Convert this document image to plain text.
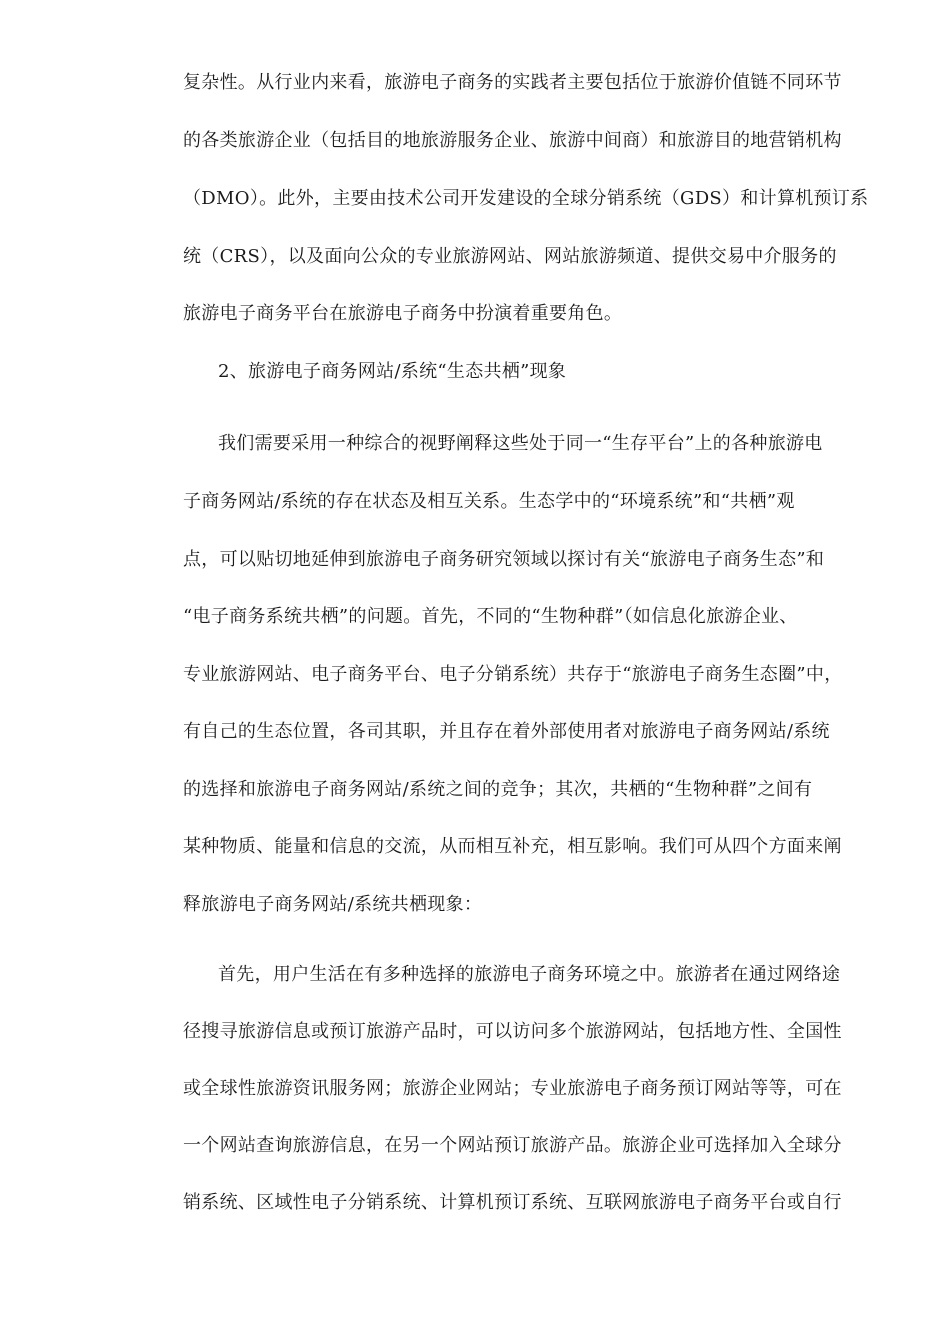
复杂性。从行业内来看，旅游电子商务的实践者主要包括位于旅游价值链不同环节
的各类旅游企业（包括目的地旅游服务企业、旅游中间商）和旅游目的地营销机构
（DMO）。此外，主要由技术公司开发建设的全球分销系统（GDS）和计算机预订系
统（CRS），以及面向公众的专业旅游网站、网站旅游频道、提供交易中介服务的
旅游电子商务平台在旅游电子商务中扮演着重要角色。
2、旅游电子商务网站/系统“生态共栖”现象
我们需要采用一种综合的视野阐释这些处于同一“生存平台”上的各种旅游电
子商务网站/系统的存在状态及相互关系。生态学中的“环境系统”和“共栖”观
点，可以贴切地延伸到旅游电子商务研究领域以探讨有关“旅游电子商务生态”和
“电子商务系统共栖”的问题。首先，不同的“生物种群”（如信息化旅游企业、
专业旅游网站、电子商务平台、电子分销系统）共存于“旅游电子商务生态圈”中，
有自己的生态位置，各司其职，并且存在着外部使用者对旅游电子商务网站/系统
的选择和旅游电子商务网站/系统之间的竞争；其次，共栖的“生物种群”之间有
某种物质、能量和信息的交流，从而相互补充，相互影响。我们可从四个方面来阐
释旅游电子商务网站/系统共栖现象：
首先，用户生活在有多种选择的旅游电子商务环境之中。旅游者在通过网络途
径搜寻旅游信息或预订旅游产品时，可以访问多个旅游网站，包括地方性、全国性
或全球性旅游资讯服务网；旅游企业网站；专业旅游电子商务预订网站等等，可在
一个网站查询旅游信息，在另一个网站预订旅游产品。旅游企业可选择加入全球分
销系统、区域性电子分销系统、计算机预订系统、互联网旅游电子商务平台或自行
